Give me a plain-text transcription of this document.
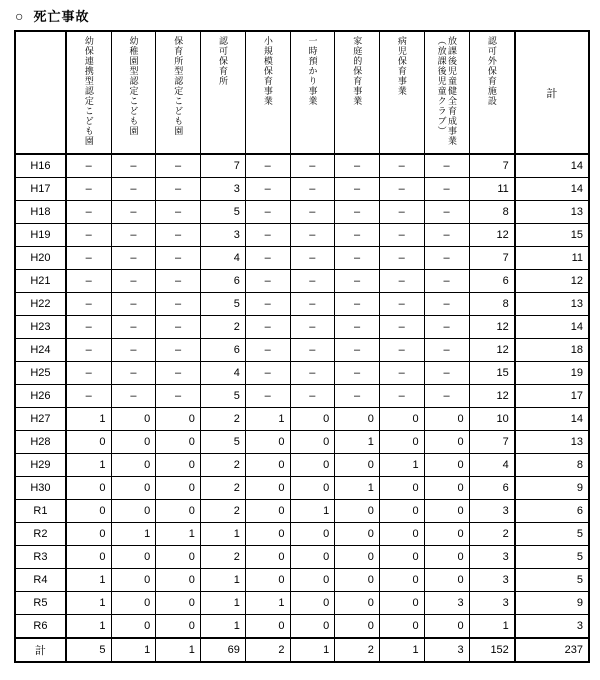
○ 死亡事故
	幼保連携型認定こども園	幼稚園型認定こども園	保育所型認定こども園	認可保育所	小規模保育事業	一時預かり事業	家庭的保育事業	病児保育事業	放課後児童健全育成事業（放課後児童クラブ）	認可外保育施設	計
H16	–	–	–	7	–	–	–	–	–	7	14
H17	–	–	–	3	–	–	–	–	–	11	14
H18	–	–	–	5	–	–	–	–	–	8	13
H19	–	–	–	3	–	–	–	–	–	12	15
H20	–	–	–	4	–	–	–	–	–	7	11
H21	–	–	–	6	–	–	–	–	–	6	12
H22	–	–	–	5	–	–	–	–	–	8	13
H23	–	–	–	2	–	–	–	–	–	12	14
H24	–	–	–	6	–	–	–	–	–	12	18
H25	–	–	–	4	–	–	–	–	–	15	19
H26	–	–	–	5	–	–	–	–	–	12	17
H27	1	0	0	2	1	0	0	0	0	10	14
H28	0	0	0	5	0	0	1	0	0	7	13
H29	1	0	0	2	0	0	0	1	0	4	8
H30	0	0	0	2	0	0	1	0	0	6	9
R1	0	0	0	2	0	1	0	0	0	3	6
R2	0	1	1	1	0	0	0	0	0	2	5
R3	0	0	0	2	0	0	0	0	0	3	5
R4	1	0	0	1	0	0	0	0	0	3	5
R5	1	0	0	1	1	0	0	0	3	3	9
R6	1	0	0	1	0	0	0	0	0	1	3
計	5	1	1	69	2	1	2	1	3	152	237
